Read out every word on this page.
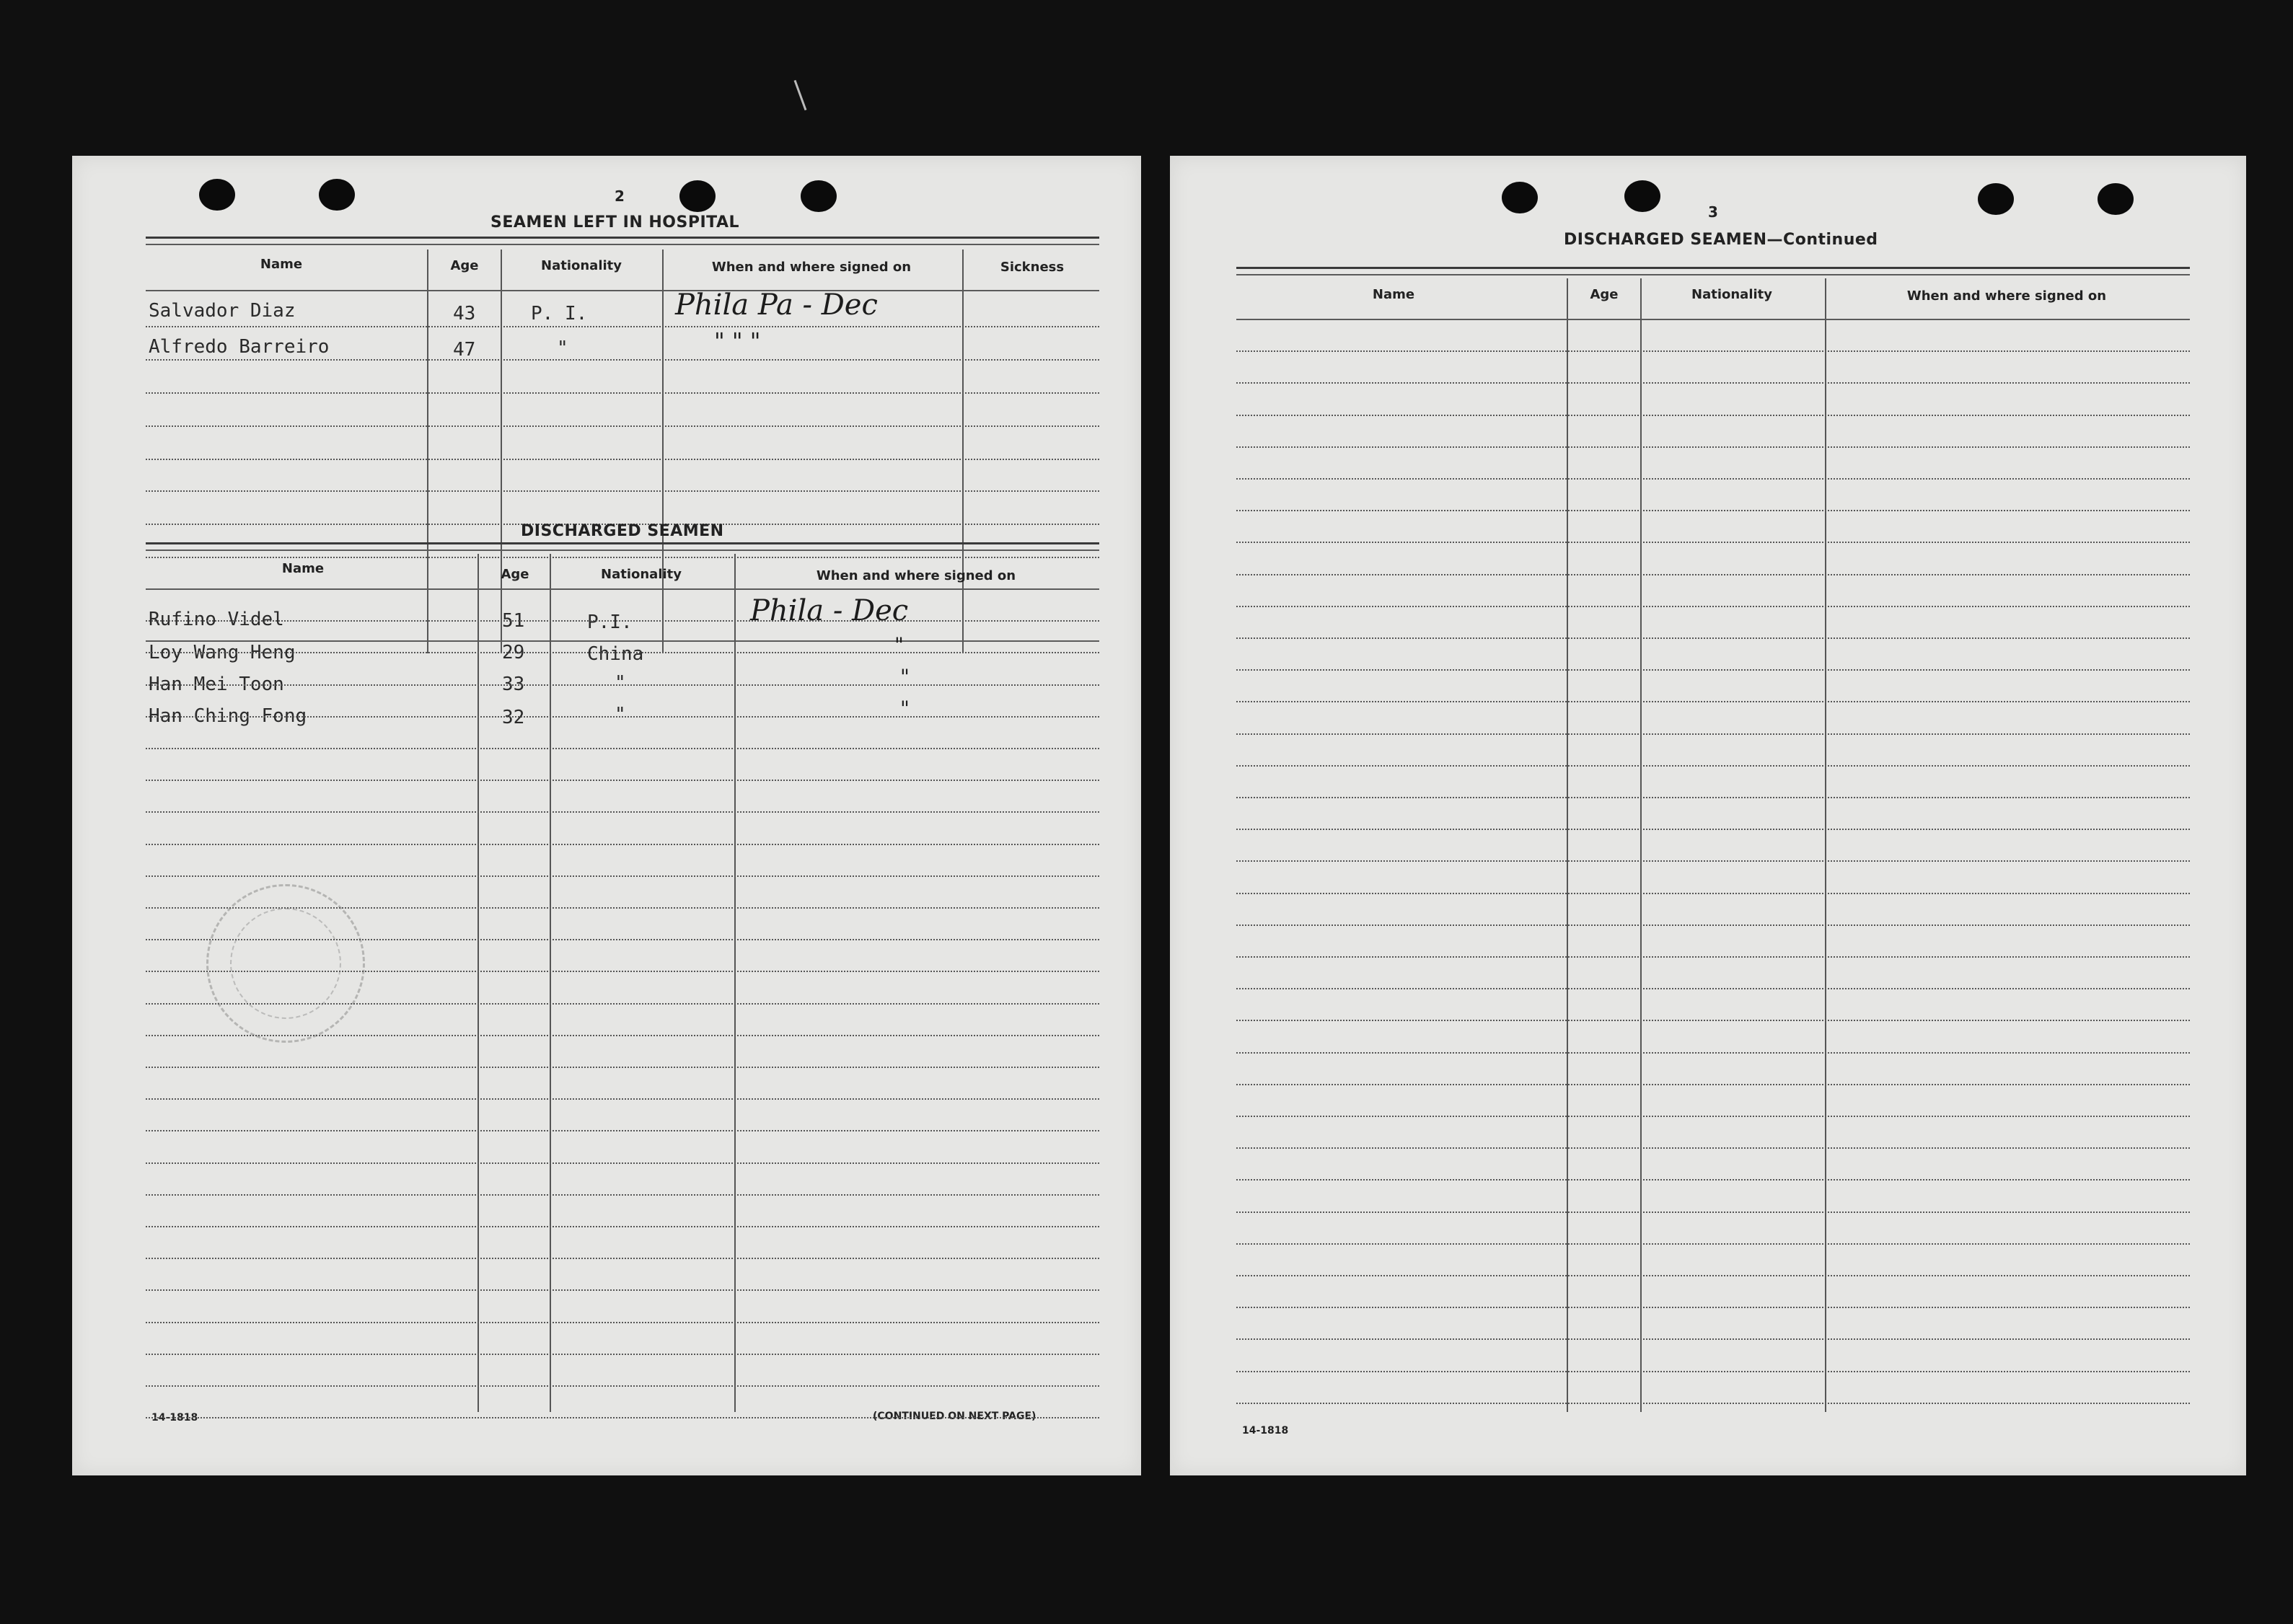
2
SEAMEN LEFT IN HOSPITAL
Name	Age	Nationality	When and where signed on	Sickness
Salvador Diaz	43	P. I.	Phila Pa - Dec
Alfredo Barreiro	47	"	" " "
DISCHARGED SEAMEN
Name	Age	Nationality	When and where signed on
Rufino Videl	51	P.I.	Phila - Dec
Loy Wang Heng	29	China	"
Han Mei Toon	33	"	"
Han Ching Fong	32	"	"
14-1818	(CONTINUED ON NEXT PAGE)
3
DISCHARGED SEAMEN—Continued
Name	Age	Nationality	When and where signed on
14-1818
